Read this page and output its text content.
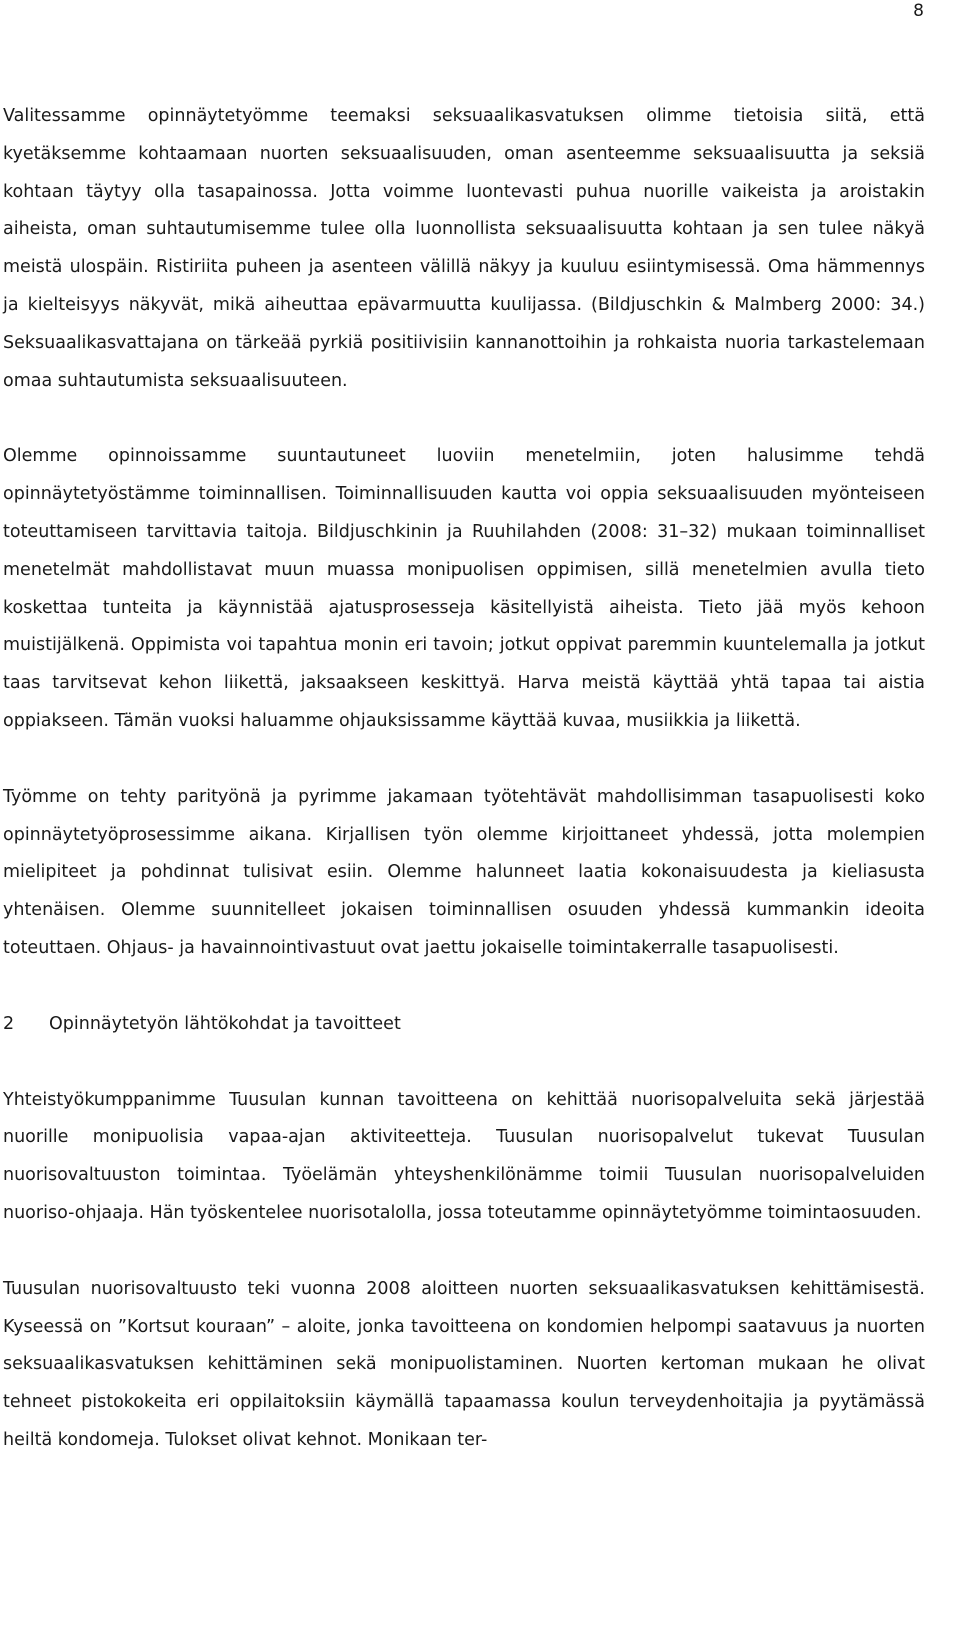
8

Valitessamme opinnäytetyömme teemaksi seksuaalikasvatuksen olimme tietoisia siitä, että kyetäksemme kohtaamaan nuorten seksuaalisuuden, oman asenteemme seksuaalisuutta ja seksiä kohtaan täytyy olla tasapainossa. Jotta voimme luontevasti puhua nuorille vaikeista ja aroistakin aiheista, oman suhtautumisemme tulee olla luonnollista seksuaalisuutta kohtaan ja sen tulee näkyä meistä ulospäin. Ristiriita puheen ja asenteen välillä näkyy ja kuuluu esiintymisessä. Oma hämmennys ja kielteisyys näkyvät, mikä aiheuttaa epävarmuutta kuulijassa. (Bildjuschkin & Malmberg 2000: 34.) Seksuaalikasvattajana on tärkeää pyrkiä positiivisiin kannanottoihin ja rohkaista nuoria tarkastelemaan omaa suhtautumista seksuaalisuuteen.

Olemme opinnoissamme suuntautuneet luoviin menetelmiin, joten halusimme tehdä opinnäytetyöstämme toiminnallisen. Toiminnallisuuden kautta voi oppia seksuaalisuuden myönteiseen toteuttamiseen tarvittavia taitoja. Bildjuschkinin ja Ruuhilahden (2008: 31–32) mukaan toiminnalliset menetelmät mahdollistavat muun muassa monipuolisen oppimisen, sillä menetelmien avulla tieto koskettaa tunteita ja käynnistää ajatusprosesseja käsitellyistä aiheista. Tieto jää myös kehoon muistijälkenä. Oppimista voi tapahtua monin eri tavoin; jotkut oppivat paremmin kuuntelemalla ja jotkut taas tarvitsevat kehon liikettä, jaksaakseen keskittyä. Harva meistä käyttää yhtä tapaa tai aistia oppiakseen. Tämän vuoksi haluamme ohjauksissamme käyttää kuvaa, musiikkia ja liikettä.

Työmme on tehty parityönä ja pyrimme jakamaan työtehtävät mahdollisimman tasapuolisesti koko opinnäytetyöprosessimme aikana. Kirjallisen työn olemme kirjoittaneet yhdessä, jotta molempien mielipiteet ja pohdinnat tulisivat esiin. Olemme halunneet laatia kokonaisuudesta ja kieliasusta yhtenäisen. Olemme suunnitelleet jokaisen toiminnallisen osuuden yhdessä kummankin ideoita toteuttaen. Ohjaus- ja havainnointivastuut ovat jaettu jokaiselle toimintakerralle tasapuolisesti.

2	Opinnäytetyön lähtökohdat ja tavoitteet

Yhteistyökumppanimme Tuusulan kunnan tavoitteena on kehittää nuorisopalveluita sekä järjestää nuorille monipuolisia vapaa-ajan aktiviteetteja. Tuusulan nuorisopalvelut tukevat Tuusulan nuorisovaltuuston toimintaa. Työelämän yhteyshenkilönämme toimii Tuusulan nuorisopalveluiden nuoriso-ohjaaja. Hän työskentelee nuorisotalolla, jossa toteutamme opinnäytetyömme toimintaosuuden.

Tuusulan nuorisovaltuusto teki vuonna 2008 aloitteen nuorten seksuaalikasvatuksen kehittämisestä. Kyseessä on ”Kortsut kouraan” – aloite, jonka tavoitteena on kondomien helpompi saatavuus ja nuorten seksuaalikasvatuksen kehittäminen sekä monipuolistaminen. Nuorten kertoman mukaan he olivat tehneet pistokokeita eri oppilaitoksiin käymällä tapaamassa koulun terveydenhoitajia ja pyytämässä heiltä kondomeja. Tulokset olivat kehnot. Monikaan ter-
